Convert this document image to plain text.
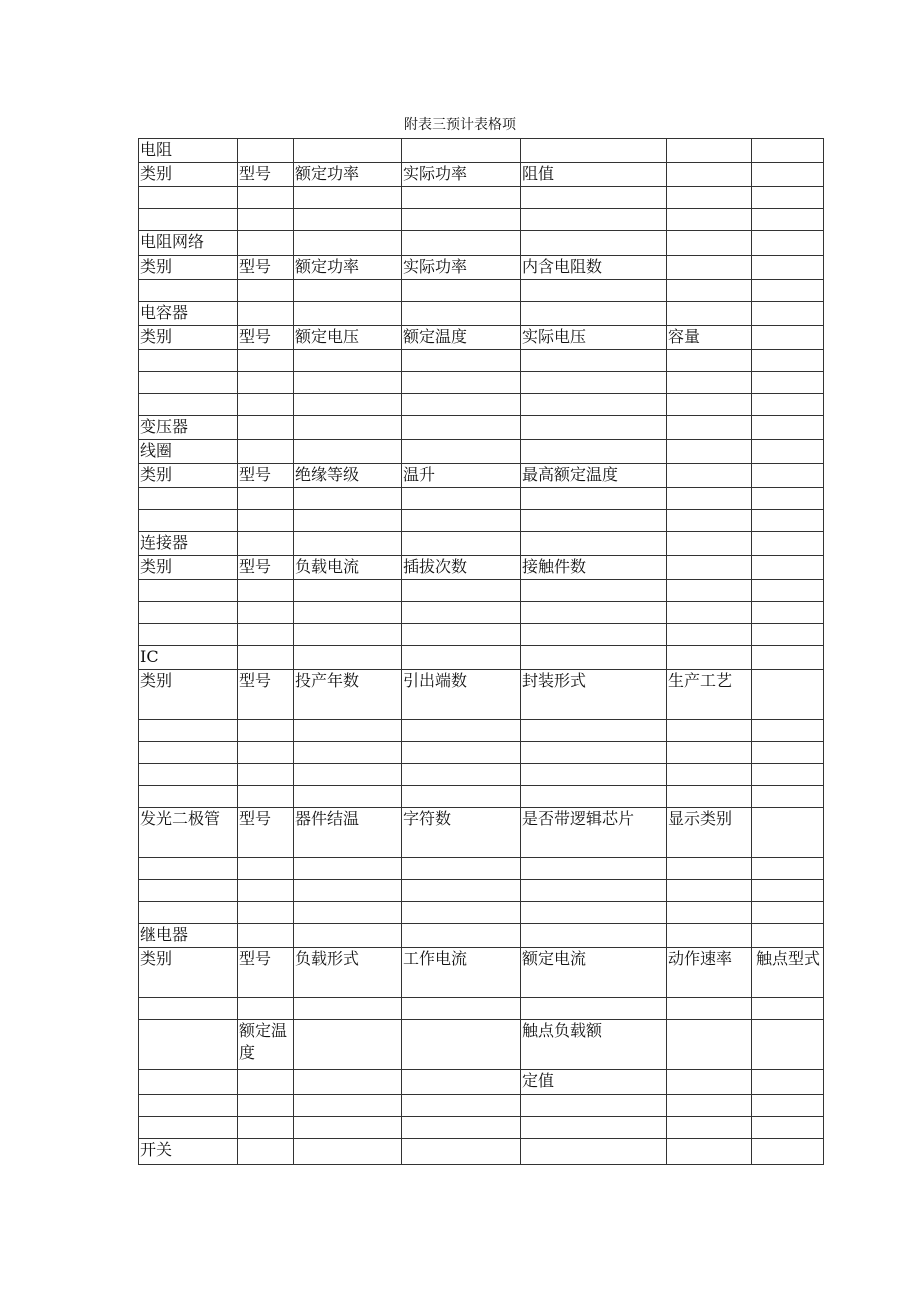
附表三预计表格项
电阻						
类别	型号	额定功率	实际功率	阻值		

电阻网络						
类别	型号	额定功率	实际功率	内含电阻数		

电容器						
类别	型号	额定电压	额定温度	实际电压	容量	

变压器						
线圈						
类别	型号	绝缘等级	温升	最高额定温度		

连接器						
类别	型号	负载电流	插拔次数	接触件数		

IC						
类别	型号	投产年数	引出端数	封装形式	生产工艺	

发光二极管	型号	器件结温	字符数	是否带逻辑芯片	显示类别	

继电器						
类别	型号	负载形式	工作电流	额定电流	动作速率	触点型式

	额定温度			触点负载额		
				定值		

开关						
